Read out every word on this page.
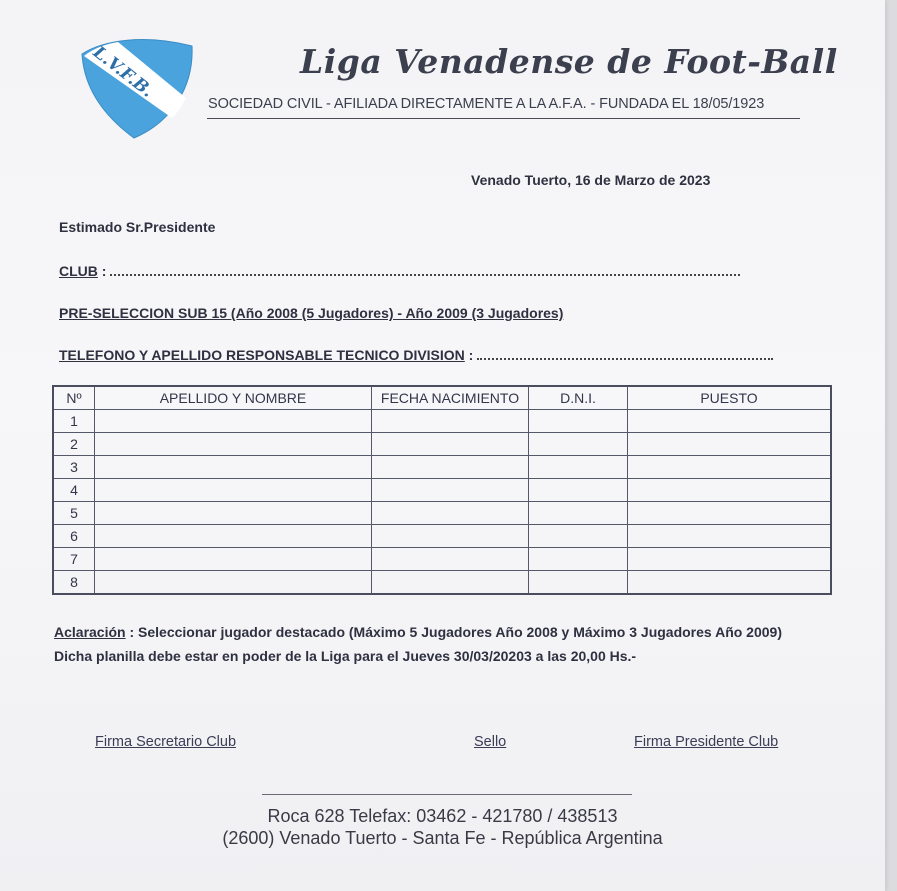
L.V.F.B.	Liga Venadense de Foot-Ball
SOCIEDAD CIVIL - AFILIADA DIRECTAMENTE A LA A.F.A. - FUNDADA EL 18/05/1923
Venado Tuerto, 16 de Marzo de 2023
Estimado Sr.Presidente
CLUB :
PRE-SELECCION SUB 15 (Año 2008 (5 Jugadores) - Año 2009 (3 Jugadores)
TELEFONO Y APELLIDO RESPONSABLE TECNICO DIVISION :
Nº	APELLIDO Y NOMBRE	FECHA NACIMIENTO	D.N.I.	PUESTO
1				
2				
3				
4				
5				
6				
7				
8				
Aclaración : Seleccionar jugador destacado (Máximo 5 Jugadores Año 2008 y Máximo 3 Jugadores Año 2009)
Dicha planilla debe estar en poder de la Liga para el Jueves 30/03/20203 a las 20,00 Hs.-
Firma Secretario Club	Sello	Firma Presidente Club
Roca 628 Telefax: 03462 - 421780 / 438513
(2600) Venado Tuerto - Santa Fe - República Argentina
